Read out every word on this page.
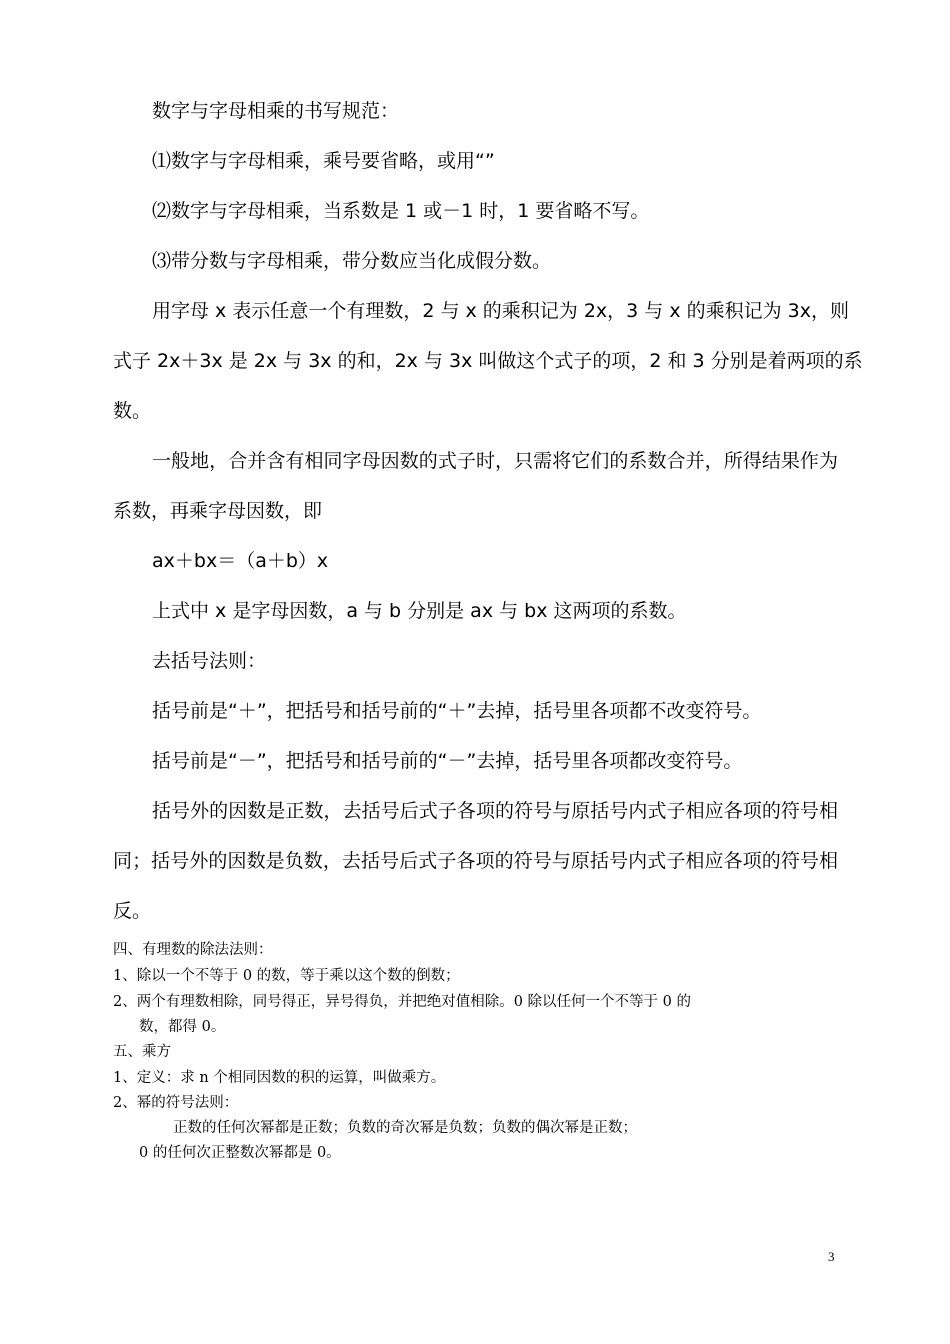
数字与字母相乘的书写规范：
⑴数字与字母相乘，乘号要省略，或用“”
⑵数字与字母相乘，当系数是 1 或－1 时，1 要省略不写。
⑶带分数与字母相乘，带分数应当化成假分数。
用字母 x 表示任意一个有理数，2 与 x 的乘积记为 2x，3 与 x 的乘积记为 3x，则
式子 2x＋3x 是 2x 与 3x 的和，2x 与 3x 叫做这个式子的项，2 和 3 分别是着两项的系
数。
一般地，合并含有相同字母因数的式子时，只需将它们的系数合并，所得结果作为
系数，再乘字母因数，即
ax＋bx＝（a＋b）x
上式中 x 是字母因数，a 与 b 分别是 ax 与 bx 这两项的系数。
去括号法则：
括号前是“＋”，把括号和括号前的“＋”去掉，括号里各项都不改变符号。
括号前是“－”，把括号和括号前的“－”去掉，括号里各项都改变符号。
括号外的因数是正数，去括号后式子各项的符号与原括号内式子相应各项的符号相
同；括号外的因数是负数，去括号后式子各项的符号与原括号内式子相应各项的符号相
反。
四、有理数的除法法则：
1、除以一个不等于 0 的数，等于乘以这个数的倒数；
2、两个有理数相除，同号得正，异号得负，并把绝对值相除。0 除以任何一个不等于 0 的
数，都得 0。
五、乘方
1、定义：求 n 个相同因数的积的运算，叫做乘方。
2、幂的符号法则：
正数的任何次幂都是正数；负数的奇次幂是负数；负数的偶次幂是正数；
0 的任何次正整数次幂都是 0。
3
